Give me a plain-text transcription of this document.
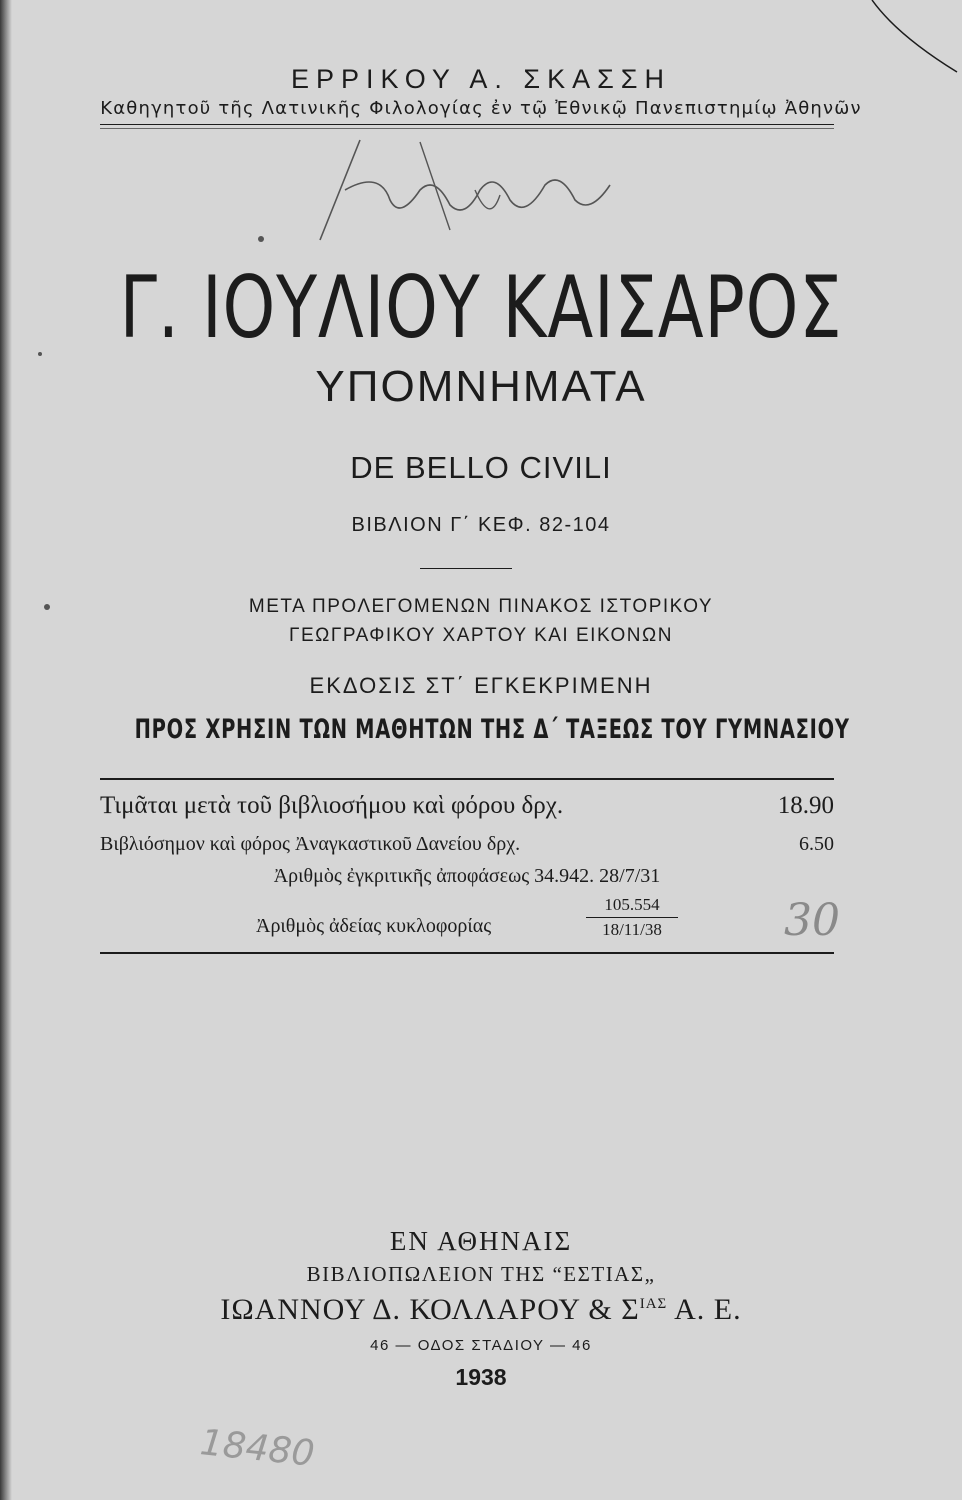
ΕΡΡΙΚΟΥ Α. ΣΚΑΣΣΗ
Καθηγητοῦ τῆς Λατινικῆς Φιλολογίας ἐν τῷ Ἐθνικῷ Πανεπιστημίῳ Ἀθηνῶν
Γ. ΙΟΥΛΙΟΥ ΚΑΙΣΑΡΟΣ
ΥΠΟΜΝΗΜΑΤΑ
DE BELLO CIVILI
ΒΙΒΛΙΟΝ Γ΄ ΚΕΦ. 82-104
ΜΕΤΑ ΠΡΟΛΕΓΟΜΕΝΩΝ ΠΙΝΑΚΟΣ ΙΣΤΟΡΙΚΟΥ
ΓΕΩΓΡΑΦΙΚΟΥ ΧΑΡΤΟΥ ΚΑΙ ΕΙΚΟΝΩΝ
ΕΚΔΟΣΙΣ ΣΤ΄ ΕΓΚΕΚΡΙΜΕΝΗ
ΠΡΟΣ ΧΡΗΣΙΝ ΤΩΝ ΜΑΘΗΤΩΝ ΤΗΣ Δ΄ ΤΑΞΕΩΣ ΤΟΥ ΓΥΜΝΑΣΙΟΥ
Τιμᾶται μετὰ τοῦ βιβλιοσήμου καὶ φόρου δρχ.	18.90
Βιβλιόσημον καὶ φόρος Ἀναγκαστικοῦ Δανείου δρχ.	6.50
Ἀριθμὸς ἐγκριτικῆς ἀποφάσεως 34.942. 28/7/31
Ἀριθμὸς ἀδείας κυκλοφορίας
105.554
18/11/38	30
ΕΝ ΑΘΗΝΑΙΣ
ΒΙΒΛΙΟΠΩΛΕΙΟΝ ΤΗΣ “ΕΣΤΙΑΣ„
ΙΩΑΝΝΟΥ Δ. ΚΟΛΛΑΡΟΥ & $\Sigma^{IA\Sigma}$ Α. Ε.
46 — ΟΔΟΣ ΣΤΑΔΙΟΥ — 46
1938
18480
